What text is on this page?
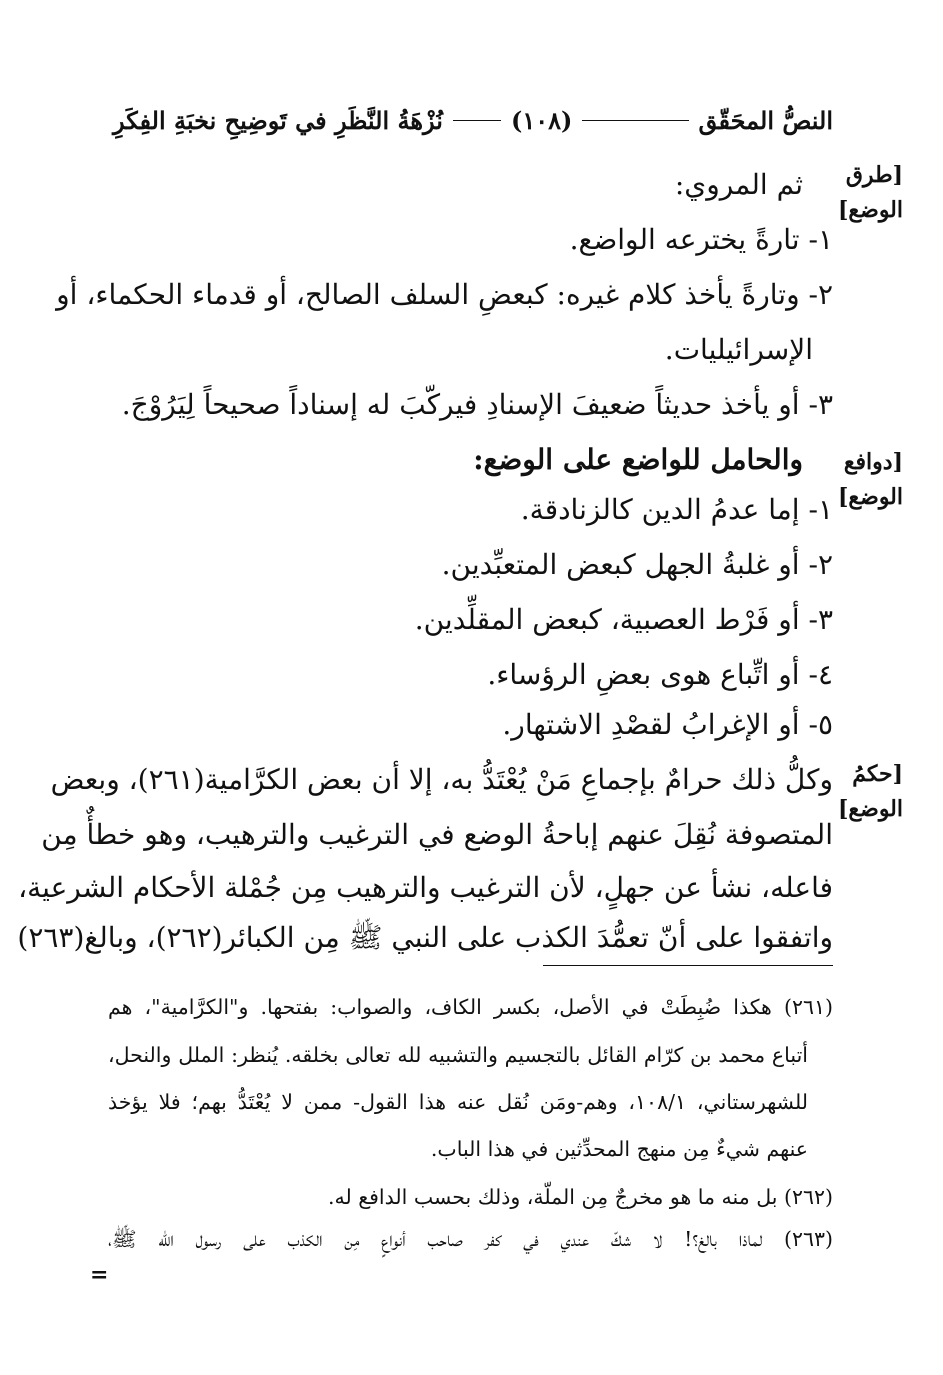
النصُّ المحَقّق
(١٠٨)
نُزْهَةُ النَّظَرِ في تَوضِيحِ نخبَةِ الفِكَرِ
[طرق الوضع]
[دوافع الوضع]
[حكمُ الوضع]
ثم المروي:
١- تارةً يخترعه الواضع.
٢- وتارةً يأخذ كلام غيره: كبعضِ السلف الصالح، أو قدماء الحكماء، أو
الإسرائيليات.
٣- أو يأخذ حديثاً ضعيفَ الإسنادِ فيركّبَ له إسناداً صحيحاً لِيَرُوْجَ.
والحامل للواضع على الوضع:
١- إما عدمُ الدين كالزنادقة.
٢- أو غلبةُ الجهل كبعض المتعبِّدين.
٣- أو فَرْط العصبية، كبعض المقلِّدين.
٤- أو اتِّباع هوى بعضِ الرؤساء.
٥- أو الإغرابُ لقصْدِ الاشتهار.
وكلُّ ذلك حرامٌ بإجماعِ مَنْ يُعْتَدُّ به، إلا أن بعض الكرَّامية(٢٦١)، وبعض
المتصوفة نُقِلَ عنهم إباحةُ الوضع في الترغيب والترهيب، وهو خطأٌ مِن
فاعله، نشأ عن جهلٍ، لأن الترغيب والترهيب مِن جُمْلة الأحكام الشرعية،
واتفقوا على أنّ تعمُّدَ الكذب على النبي ﷺ مِن الكبائر(٢٦٢)، وبالغ(٢٦٣)
(٢٦١) هكذا ضُبِطَتْ في الأصل، بكسر الكاف، والصواب: بفتحها. و"الكرَّامية"، هم
أتباع محمد بن كرّام القائل بالتجسيم والتشبيه لله تعالى بخلقه. يُنظر: الملل والنحل،
للشهرستاني، ١٠٨/١، وهم-ومَن نُقل عنه هذا القول- ممن لا يُعْتَدُّ بهم؛ فلا يؤخذ
عنهم شيءٌ مِن منهج المحدِّثين في هذا الباب.
(٢٦٢) بل منه ما هو مخرجٌ مِن الملّة، وذلك بحسب الدافع له.
(٢٦٣) لماذا بالغ؟! لا شكّ عندي في كفر صاحب أنواعٍ مِن الكذب على رسول الله ﷺ،
=
